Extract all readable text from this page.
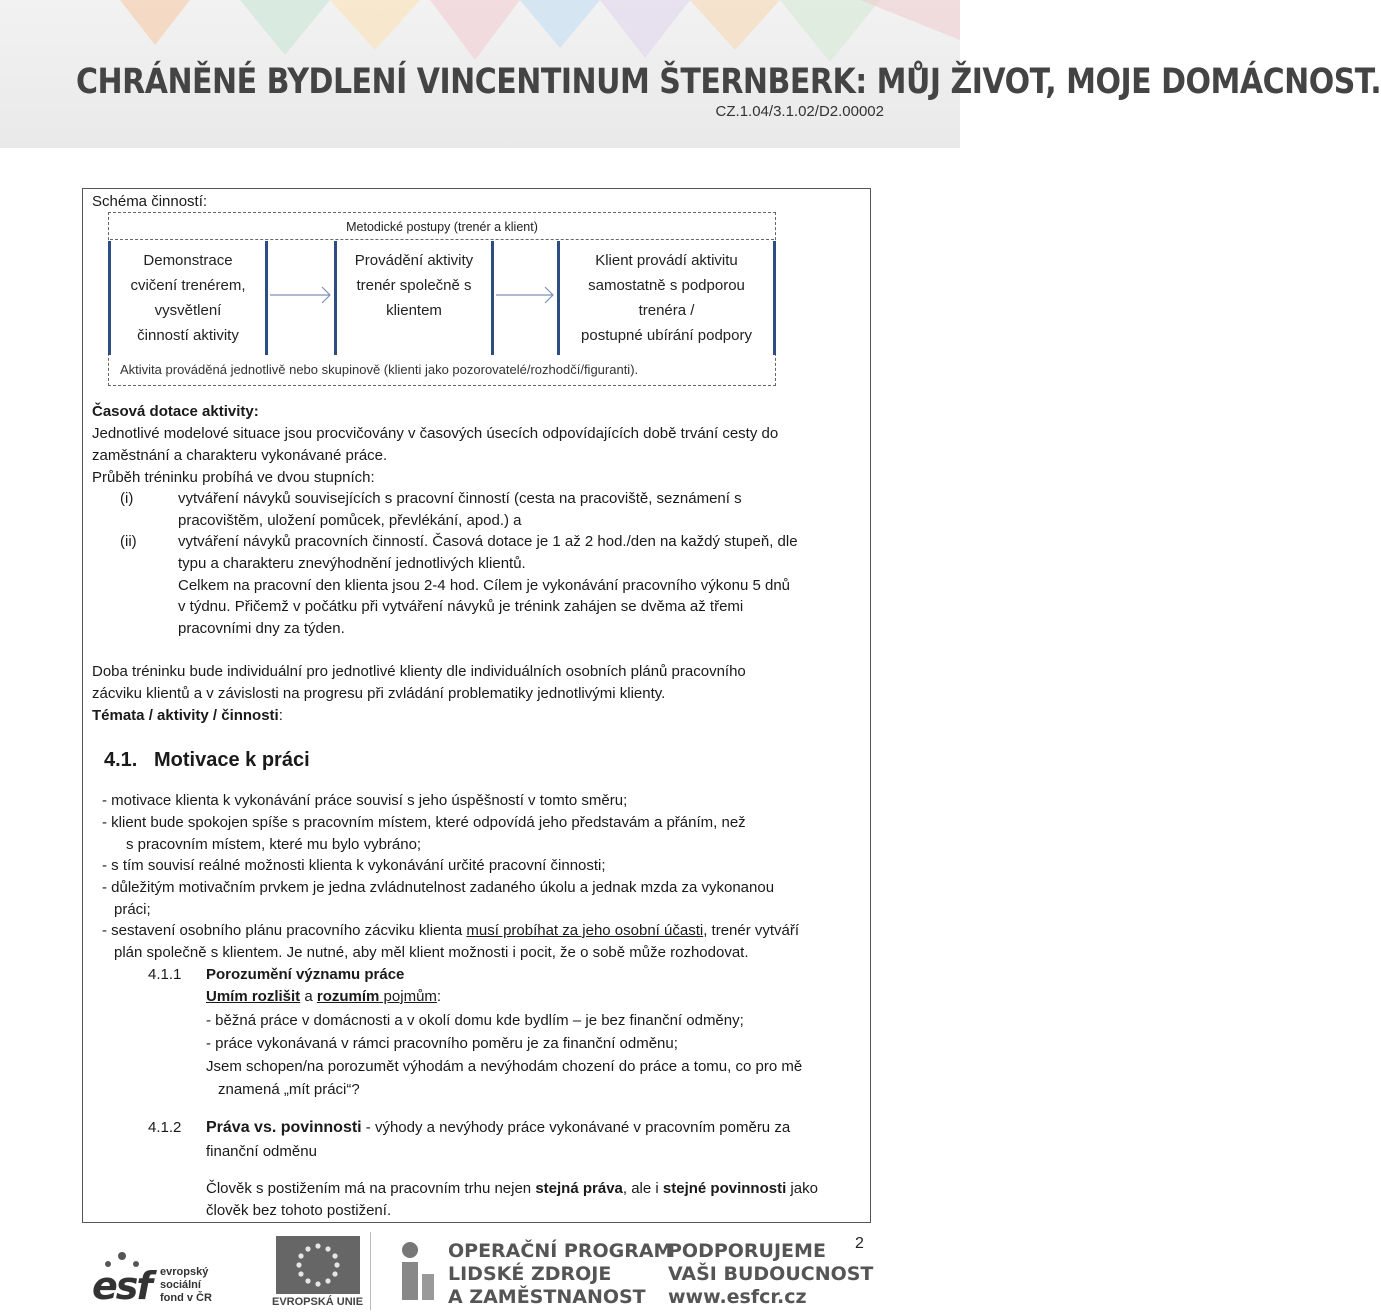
CHRÁNĚNÉ BYDLENÍ VINCENTINUM ŠTERNBERK: MŮJ ŽIVOT, MOJE DOMÁCNOST.
CZ.1.04/3.1.02/D2.00002
Schéma činností:
Metodické postupy (trenér a klient)
Demonstrace
cvičení trenérem,
vysvětlení
činností aktivity
Provádění aktivity
trenér společně s
klientem
Klient provádí aktivitu
samostatně s podporou
trenéra /
postupné ubírání podpory
Aktivita prováděná jednotlivě nebo skupinově (klienti jako pozorovatelé/rozhodčí/figuranti).
Časová dotace aktivity:
Jednotlivé modelové situace jsou procvičovány v časových úsecích odpovídajících době trvání cesty do
zaměstnání a charakteru vykonávané práce.
Průběh tréninku probíhá ve dvou stupních:
(i)	vytváření návyků souvisejících s pracovní činností (cesta na pracoviště, seznámení s
pracovištěm, uložení pomůcek, převlékání, apod.) a
(ii)	vytváření návyků pracovních činností. Časová dotace je 1 až 2 hod./den na každý stupeň, dle
typu a charakteru znevýhodnění jednotlivých klientů.
Celkem na pracovní den klienta jsou 2-4 hod. Cílem je vykonávání pracovního výkonu 5 dnů
v týdnu. Přičemž v počátku při vytváření návyků je trénink zahájen se dvěma až třemi
pracovními dny za týden.
Doba tréninku bude individuální pro jednotlivé klienty dle individuálních osobních plánů pracovního
zácviku klientů a v závislosti na progresu při zvládání problematiky jednotlivými klienty.
Témata / aktivity / činnosti:
4.1. Motivace k práci
- motivace klienta k vykonávání práce souvisí s jeho úspěšností v tomto směru;
- klient bude spokojen spíše s pracovním místem, které odpovídá jeho představám a přáním, než
s pracovním místem, které mu bylo vybráno;
- s tím souvisí reálné možnosti klienta k vykonávání určité pracovní činnosti;
- důležitým motivačním prvkem je jedna zvládnutelnost zadaného úkolu a jednak mzda za vykonanou
práci;
- sestavení osobního plánu pracovního zácviku klienta musí probíhat za jeho osobní účasti, trenér vytváří
plán společně s klientem. Je nutné, aby měl klient možnosti i pocit, že o sobě může rozhodovat.
4.1.1 Porozumění významu práce
Umím rozlišit a rozumím pojmům:
- běžná práce v domácnosti a v okolí domu kde bydlím – je bez finanční odměny;
- práce vykonávaná v rámci pracovního poměru je za finanční odměnu;
Jsem schopen/na porozumět výhodám a nevýhodám chození do práce a tomu, co pro mě
znamená „mít práci“?
4.1.2 Práva vs. povinnosti - výhody a nevýhody práce vykonávané v pracovním poměru za
finanční odměnu
Člověk s postižením má na pracovním trhu nejen stejná práva, ale i stejné povinnosti jako
člověk bez tohoto postižení.
esf evropský
sociální
fond v ČR	EVROPSKÁ UNIE
OPERAČNÍ PROGRAM
LIDSKÉ ZDROJE
A ZAMĚSTNANOST
PODPORUJEME
VAŠI BUDOUCNOST
www.esfcr.cz
2
